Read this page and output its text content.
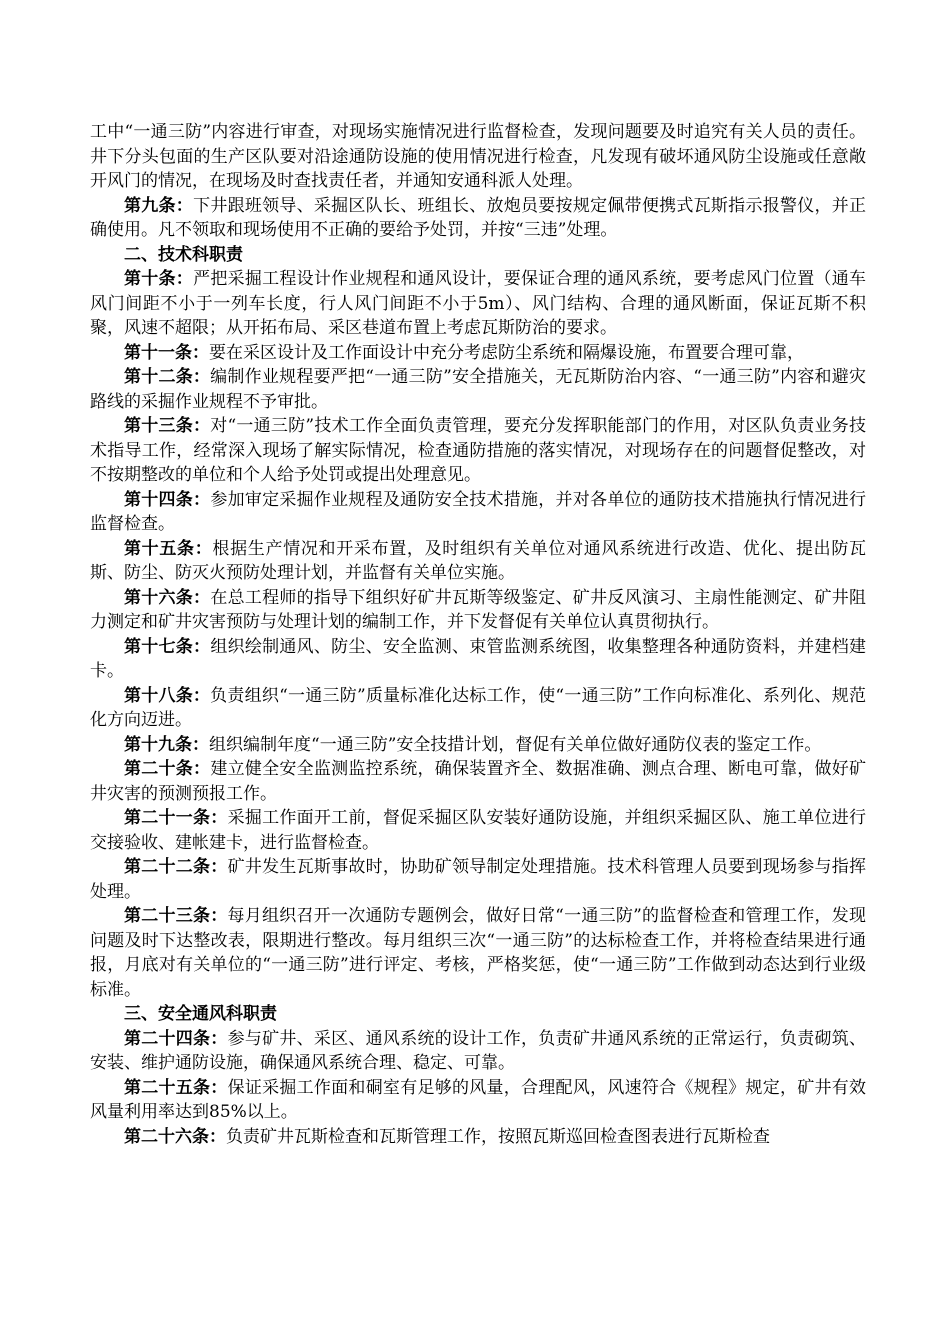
工中“一通三防”内容进行审查，对现场实施情况进行监督检查，发现问题要及时追究有关人员的责任。井下分头包面的生产区队要对沿途通防设施的使用情况进行检查，凡发现有破坏通风防尘设施或任意敞开风门的情况，在现场及时查找责任者，并通知安通科派人处理。

第九条：下井跟班领导、采掘区队长、班组长、放炮员要按规定佩带便携式瓦斯指示报警仪，并正确使用。凡不领取和现场使用不正确的要给予处罚，并按“三违”处理。

二、技术科职责

第十条：严把采掘工程设计作业规程和通风设计，要保证合理的通风系统，要考虑风门位置（通车风门间距不小于一列车长度，行人风门间距不小于5m）、风门结构、合理的通风断面，保证瓦斯不积聚，风速不超限；从开拓布局、采区巷道布置上考虑瓦斯防治的要求。

第十一条：要在采区设计及工作面设计中充分考虑防尘系统和隔爆设施，布置要合理可靠，

第十二条：编制作业规程要严把“一通三防”安全措施关，无瓦斯防治内容、“一通三防”内容和避灾路线的采掘作业规程不予审批。

第十三条：对“一通三防”技术工作全面负责管理，要充分发挥职能部门的作用，对区队负责业务技术指导工作，经常深入现场了解实际情况，检查通防措施的落实情况，对现场存在的问题督促整改，对不按期整改的单位和个人给予处罚或提出处理意见。

第十四条：参加审定采掘作业规程及通防安全技术措施，并对各单位的通防技术措施执行情况进行监督检查。

第十五条：根据生产情况和开采布置，及时组织有关单位对通风系统进行改造、优化、提出防瓦斯、防尘、防灭火预防处理计划，并监督有关单位实施。

第十六条：在总工程师的指导下组织好矿井瓦斯等级鉴定、矿井反风演习、主扇性能测定、矿井阻力测定和矿井灾害预防与处理计划的编制工作，并下发督促有关单位认真贯彻执行。

第十七条：组织绘制通风、防尘、安全监测、束管监测系统图，收集整理各种通防资料，并建档建卡。

第十八条：负责组织“一通三防”质量标准化达标工作，使“一通三防”工作向标准化、系列化、规范化方向迈进。

第十九条：组织编制年度“一通三防”安全技措计划，督促有关单位做好通防仪表的鉴定工作。

第二十条：建立健全安全监测监控系统，确保装置齐全、数据准确、测点合理、断电可靠，做好矿井灾害的预测预报工作。

第二十一条：采掘工作面开工前，督促采掘区队安装好通防设施，并组织采掘区队、施工单位进行交接验收、建帐建卡，进行监督检查。

第二十二条：矿井发生瓦斯事故时，协助矿领导制定处理措施。技术科管理人员要到现场参与指挥处理。

第二十三条：每月组织召开一次通防专题例会，做好日常“一通三防”的监督检查和管理工作，发现问题及时下达整改表，限期进行整改。每月组织三次“一通三防”的达标检查工作，并将检查结果进行通报，月底对有关单位的“一通三防”进行评定、考核，严格奖惩，使“一通三防”工作做到动态达到行业级标准。

三、安全通风科职责

第二十四条：参与矿井、采区、通风系统的设计工作，负责矿井通风系统的正常运行，负责砌筑、安装、维护通防设施，确保通风系统合理、稳定、可靠。

第二十五条：保证采掘工作面和硐室有足够的风量，合理配风，风速符合《规程》规定，矿井有效风量利用率达到85%以上。

第二十六条：负责矿井瓦斯检查和瓦斯管理工作，按照瓦斯巡回检查图表进行瓦斯检查
